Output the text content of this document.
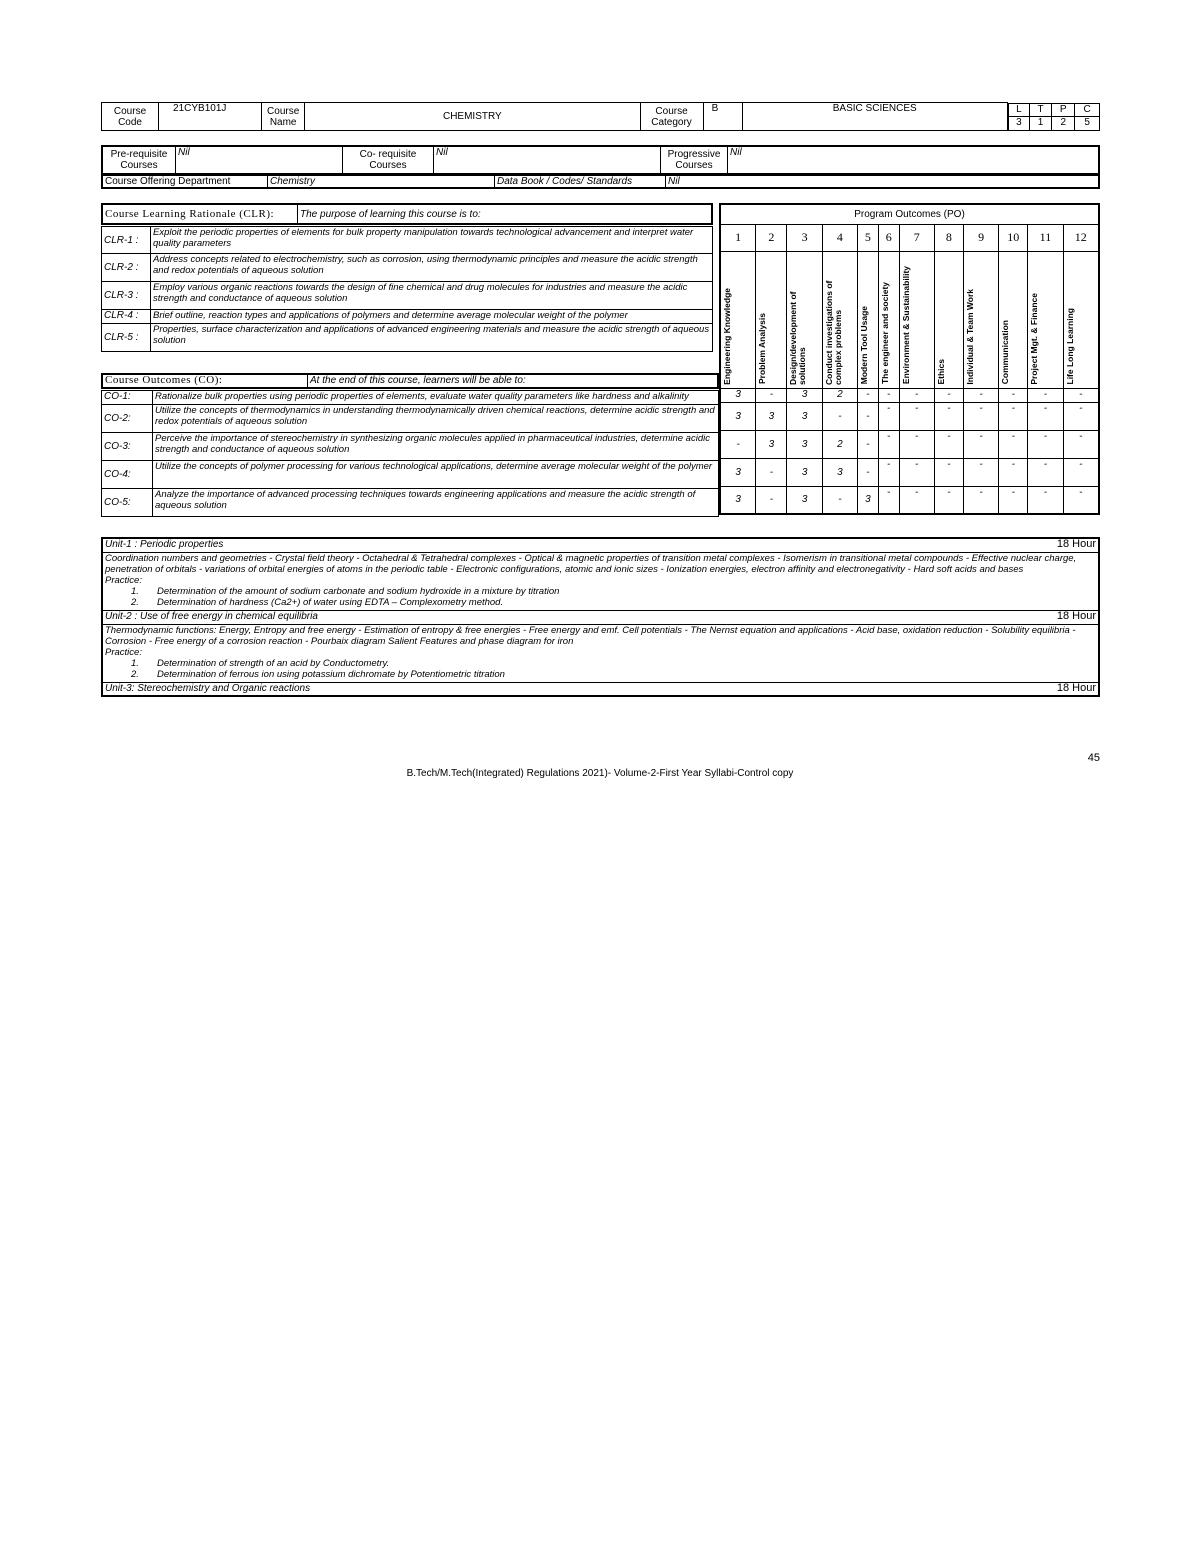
Course Code	21CYB101J	Course Name	CHEMISTRY	Course Category	B	BASIC SCIENCES		L	T	P	C
3	1	2	5
Pre-requisite Courses	Nil	Co- requisite Courses	Nil	Progressive Courses	Nil
Course Offering Department	Chemistry	Data Book / Codes/ Standards	Nil
Course Learning Rationale (CLR):	The purpose of learning this course is to:
CLR-1 :	Exploit the periodic properties of elements for bulk property manipulation towards technological advancement and interpret water quality parameters
CLR-2 :	Address concepts related to electrochemistry, such as corrosion, using thermodynamic principles and measure the acidic strength and redox potentials of aqueous solution
CLR-3 :	Employ various organic reactions towards the design of fine chemical and drug molecules for industries and measure the acidic strength and conductance of aqueous solution
CLR-4 :	Brief outline, reaction types and applications of polymers and determine average molecular weight of the polymer
CLR-5 :	Properties, surface characterization and applications of advanced engineering materials and measure the acidic strength of aqueous solution
Course Outcomes (CO):	At the end of this course, learners will be able to:
CO-1:	Rationalize bulk properties using periodic properties of elements, evaluate water quality parameters like hardness and alkalinity
CO-2:	Utilize the concepts of thermodynamics in understanding thermodynamically driven chemical reactions, determine acidic strength and redox potentials of aqueous solution
CO-3:	Perceive the importance of stereochemistry in synthesizing organic molecules applied in pharmaceutical industries, determine acidic strength and conductance of aqueous solution
CO-4:	Utilize the concepts of polymer processing for various technological applications, determine average molecular weight of the polymer
CO-5:	Analyze the importance of advanced processing techniques towards engineering applications and measure the acidic strength of aqueous solution
Program Outcomes (PO)											
1	2	3	4	5	6	7	8	9	10	11	12
Engineering Knowledge	Problem Analysis	Design/development of solutions	Conduct investigations of complex problems	Modern Tool Usage	The engineer and society	Environment & Sustainability	Ethics	Individual & Team Work	Communication	Project Mgt. & Finance	Life Long Learning
3	-	3	2	-	-	-	-	-	-	-	-
3	3	3	-	-	-	-	-	-	-	-	-
-	3	3	2	-	-	-	-	-	-	-	-
3	-	3	3	-	-	-	-	-	-	-	-
3	-	3	-	3	-	-	-	-	-	-	-
Unit-1 : Periodic properties	18 Hour

Coordination numbers and geometries - Crystal field theory - Octahedral & Tetrahedral complexes - Optical & magnetic properties of transition metal complexes - Isomerism in transitional metal compounds - Effective nuclear charge, penetration of orbitals - variations of orbital energies of atoms in the periodic table - Electronic configurations, atomic and ionic sizes - Ionization energies, electron affinity and electronegativity - Hard soft acids and bases
Practice:
1. Determination of the amount of sodium carbonate and sodium hydroxide in a mixture by titration
2. Determination of hardness (Ca2+) of water using EDTA – Complexometry method.	

Unit-2 : Use of free energy in chemical equilibria	18 Hour

Thermodynamic functions: Energy, Entropy and free energy - Estimation of entropy & free energies - Free energy and emf. Cell potentials - The Nernst equation and applications - Acid base, oxidation reduction - Solubility equilibria - Corrosion - Free energy of a corrosion reaction - Pourbaix diagram Salient Features and phase diagram for iron
Practice:
1. Determination of strength of an acid by Conductometry.
2. Determination of ferrous ion using potassium dichromate by Potentiometric titration	

Unit-3: Stereochemistry and Organic reactions	18 Hour
45
B.Tech/M.Tech(Integrated) Regulations 2021)- Volume-2-First Year Syllabi-Control copy
